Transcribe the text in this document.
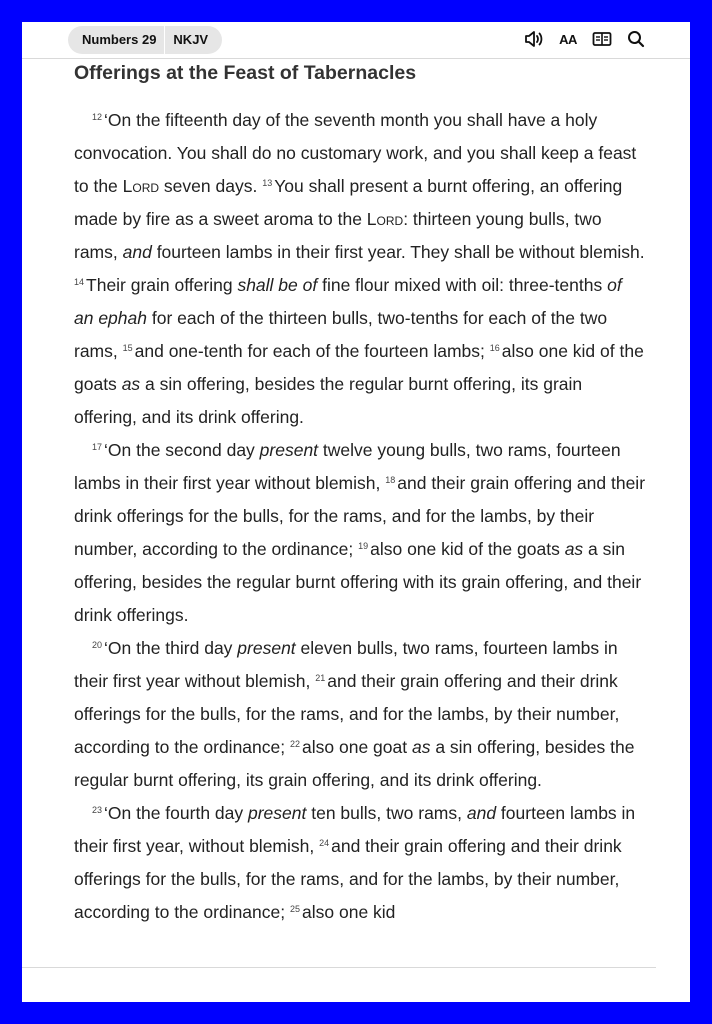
Numbers 29	NKJV	AA
Offerings at the Feast of Tabernacles

$^{12}$ ‘On the fifteenth day of the seventh month you shall have a holy convocation. You shall do no customary work, and you shall keep a feast to the Lord seven days. $^{13}$ You shall present a burnt offering, an offering made by fire as a sweet aroma to the Lord: thirteen young bulls, two rams, and fourteen lambs in their first year. They shall be without blemish. $^{14}$ Their grain offering shall be of fine flour mixed with oil: three-tenths of an ephah for each of the thirteen bulls, two-tenths for each of the two rams, $^{15}$ and one-tenth for each of the fourteen lambs; $^{16}$ also one kid of the goats as a sin offering, besides the regular burnt offering, its grain offering, and its drink offering.

$^{17}$ ‘On the second day present twelve young bulls, two rams, fourteen lambs in their first year without blemish, $^{18}$ and their grain offering and their drink offerings for the bulls, for the rams, and for the lambs, by their number, according to the ordinance; $^{19}$ also one kid of the goats as a sin offering, besides the regular burnt offering with its grain offering, and their drink offerings.

$^{20}$ ‘On the third day present eleven bulls, two rams, fourteen lambs in their first year without blemish, $^{21}$ and their grain offering and their drink offerings for the bulls, for the rams, and for the lambs, by their number, according to the ordinance; $^{22}$ also one goat as a sin offering, besides the regular burnt offering, its grain offering, and its drink offering.

$^{23}$ ‘On the fourth day present ten bulls, two rams, and fourteen lambs in their first year, without blemish, $^{24}$ and their grain offering and their drink offerings for the bulls, for the rams, and for the lambs, by their number, according to the ordinance; $^{25}$ also one kid
